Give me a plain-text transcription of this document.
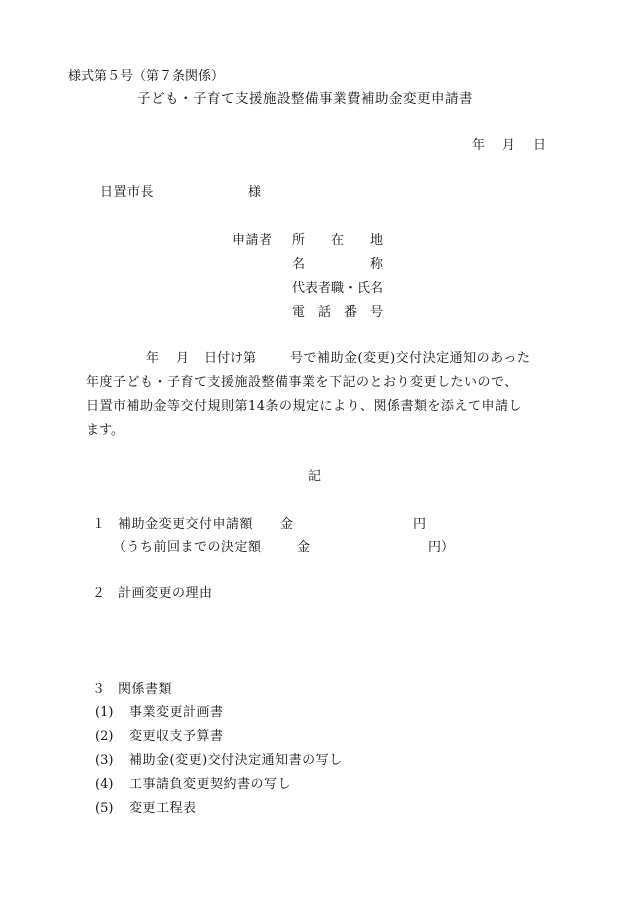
様式第５号（第７条関係）
子ども・子育て支援施設整備事業費補助金変更申請書
年 月 日
日置市長	様
申請者 所　　在　　地
名　　　　　称
代表者職・氏名
電　話　番　号
年 月 日付け第	号で補助金(変更)交付決定通知のあった
年度子ども・子育て支援施設整備事業を下記のとおり変更したいので、
日置市補助金等交付規則第14条の規定により、関係書類を添えて申請し
ます。
記
１ 補助金変更交付申請額 金	円
（うち前回までの決定額	金	円）
２ 計画変更の理由
３ 関係書類
(1) 事業変更計画書
(2) 変更収支予算書
(3) 補助金(変更)交付決定通知書の写し
(4) 工事請負変更契約書の写し
(5) 変更工程表
